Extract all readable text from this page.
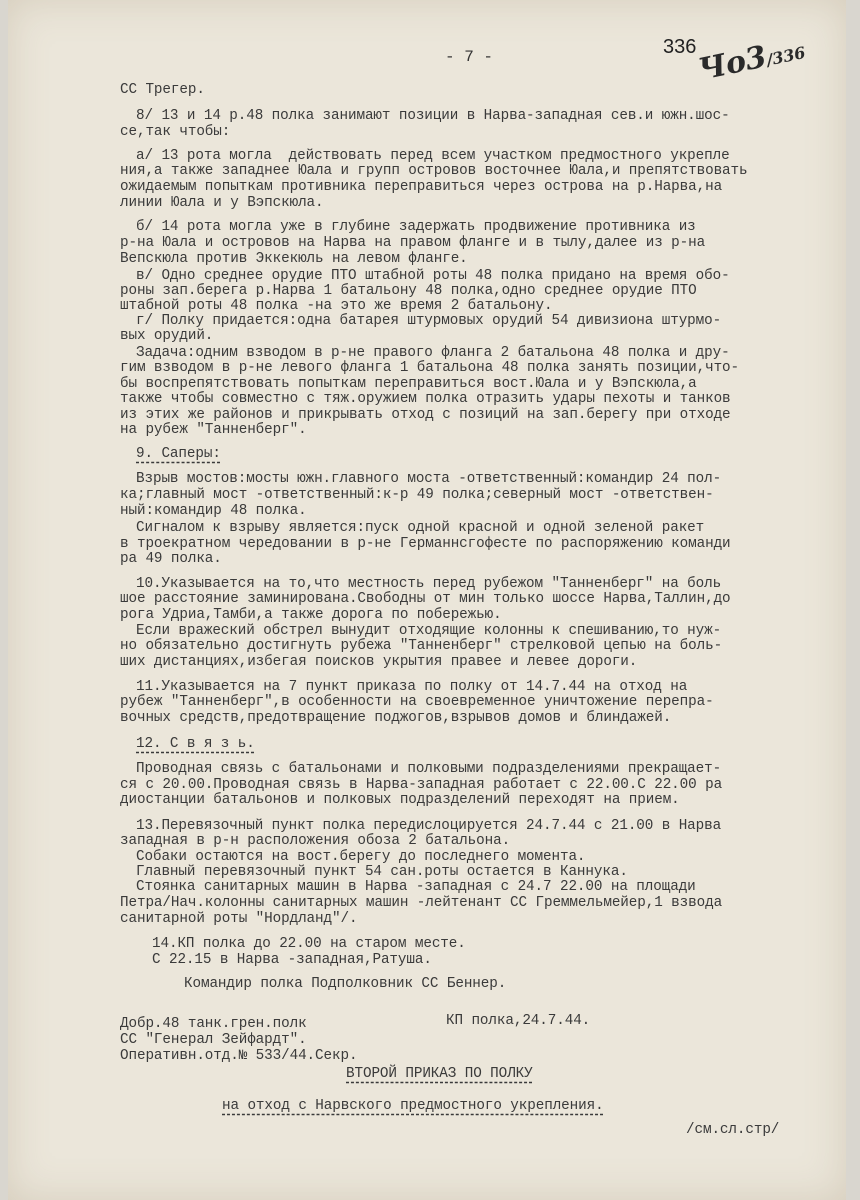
- 7 -	336 Чо3/336
СС Трегер.
8/ 13 и 14 р.48 полка занимают позиции в Нарва-западная сев.и южн.шос-
се,так чтобы:
а/ 13 рота могла  действовать перед всем участком предмостного укрепле
ния,а также западнее Юала и групп островов восточнее Юала,и препятствовать
ожидаемым попыткам противника переправиться через острова на р.Нарва,на
линии Юала и у Вэпскюла.
б/ 14 рота могла уже в глубине задержать продвижение противника из
р-на Юала и островов на Нарва на правом фланге и в тылу,далее из р-на
Вепскюла против Эккекюль на левом фланге.
в/ Одно среднее орудие ПТО штабной роты 48 полка придано на время обо-
роны зап.берега р.Нарва 1 батальону 48 полка,одно среднее орудие ПТО
штабной роты 48 полка -на это же время 2 батальону.
г/ Полку придается:одна батарея штурмовых орудий 54 дивизиона штурмо-
вых орудий.
Задача:одним взводом в р-не правого фланга 2 батальона 48 полка и дру-
гим взводом в р-не левого фланга 1 батальона 48 полка занять позиции,что-
бы воспрепятствовать попыткам переправиться вост.Юала и у Вэпскюла,а
также чтобы совместно с тяж.оружием полка отразить удары пехоты и танков
из этих же районов и прикрывать отход с позиций на зап.берегу при отходе
на рубеж "Танненберг".
9. Саперы:
Взрыв мостов:мосты южн.главного моста -ответственный:командир 24 пол-
ка;главный мост -ответственный:к-р 49 полка;северный мост -ответствен-
ный:командир 48 полка.
Сигналом к взрыву является:пуск одной красной и одной зеленой ракет
в троекратном чередовании в р-не Германнсгофесте по распоряжению команди
ра 49 полка.
10.Указывается на то,что местность перед рубежом "Танненберг" на боль
шое расстояние заминирована.Свободны от мин только шоссе Нарва,Таллин,до
рога Удриа,Тамби,а также дорога по побережью.
Если вражеский обстрел вынудит отходящие колонны к спешиванию,то нуж-
но обязательно достигнуть рубежа "Танненберг" стрелковой цепью на боль-
ших дистанциях,избегая поисков укрытия правее и левее дороги.
11.Указывается на 7 пункт приказа по полку от 14.7.44 на отход на
рубеж "Танненберг",в особенности на своевременное уничтожение перепра-
вочных средств,предотвращение поджогов,взрывов домов и блиндажей.
12. С в я з ь.
Проводная связь с батальонами и полковыми подразделениями прекращает-
ся с 20.00.Проводная связь в Нарва-западная работает с 22.00.С 22.00 ра
диостанции батальонов и полковых подразделений переходят на прием.
13.Перевязочный пункт полка передислоцируется 24.7.44 с 21.00 в Нарва
западная в р-н расположения обоза 2 батальона.
Собаки остаются на вост.берегу до последнего момента.
Главный перевязочный пункт 54 сан.роты остается в Каннука.
Стоянка санитарных машин в Нарва -западная с 24.7 22.00 на площади
Петра/Нач.колонны санитарных машин -лейтенант СС Греммельмейер,1 взвода
санитарной роты "Нордланд"/.
14.КП полка до 22.00 на старом месте.
С 22.15 в Нарва -западная,Ратуша.
Командир полка Подполковник СС Беннер.
Добр.48 танк.грен.полк	КП полка,24.7.44.
СС "Генерал Зейфардт".
Оперативн.отд.№ 533/44.Секр.
ВТОРОЙ ПРИКАЗ ПО ПОЛКУ
на отход с Нарвского предмостного укрепления.
/см.сл.стр/
